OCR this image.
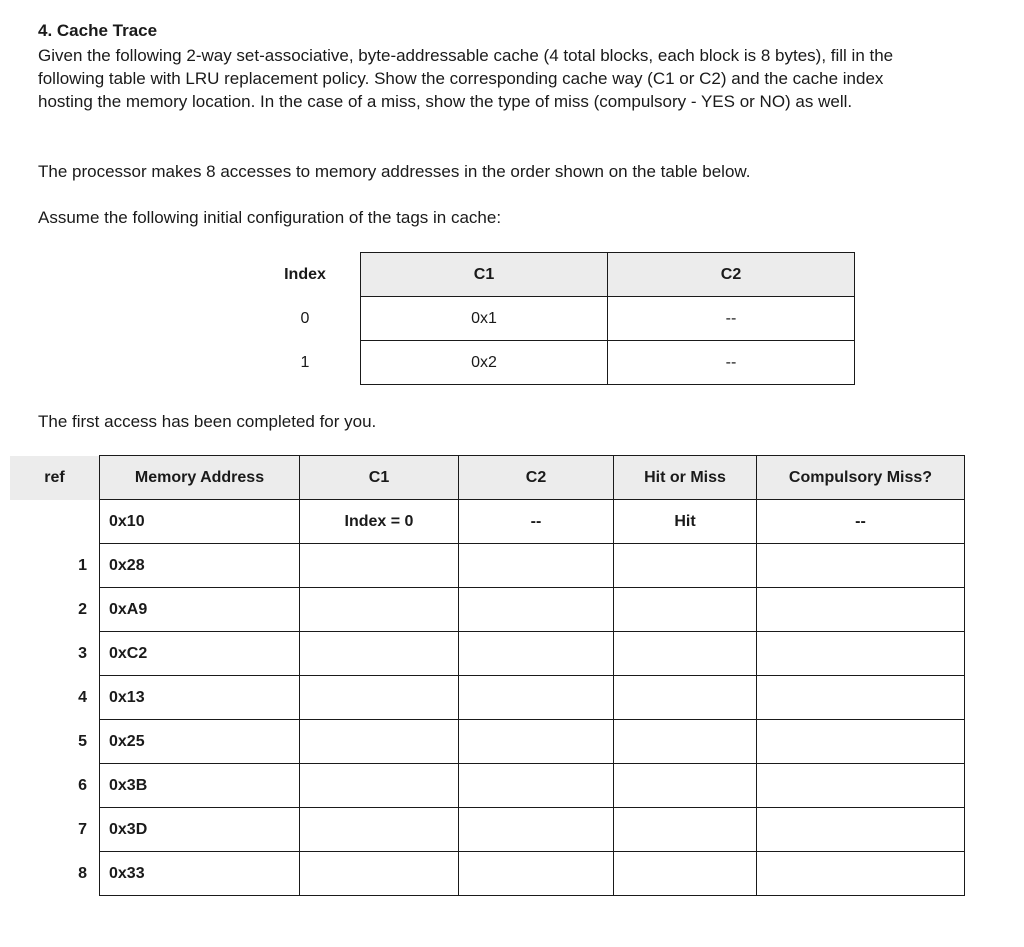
4. Cache Trace

Given the following 2-way set-associative, byte-addressable cache (4 total blocks, each block is 8 bytes), fill in the following table with LRU replacement policy. Show the corresponding cache way (C1 or C2) and the cache index hosting the memory location. In the case of a miss, show the type of miss (compulsory - YES or NO) as well.

The processor makes 8 accesses to memory addresses in the order shown on the table below.

Assume the following initial configuration of the tags in cache:

Index	C1	C2
0	0x1	--
1	0x2	--

The first access has been completed for you.

ref	Memory Address	C1	C2	Hit or Miss	Compulsory Miss?
	0x10	Index = 0	--	Hit	--
1	0x28				
2	0xA9				
3	0xC2				
4	0x13				
5	0x25				
6	0x3B				
7	0x3D				
8	0x33				
